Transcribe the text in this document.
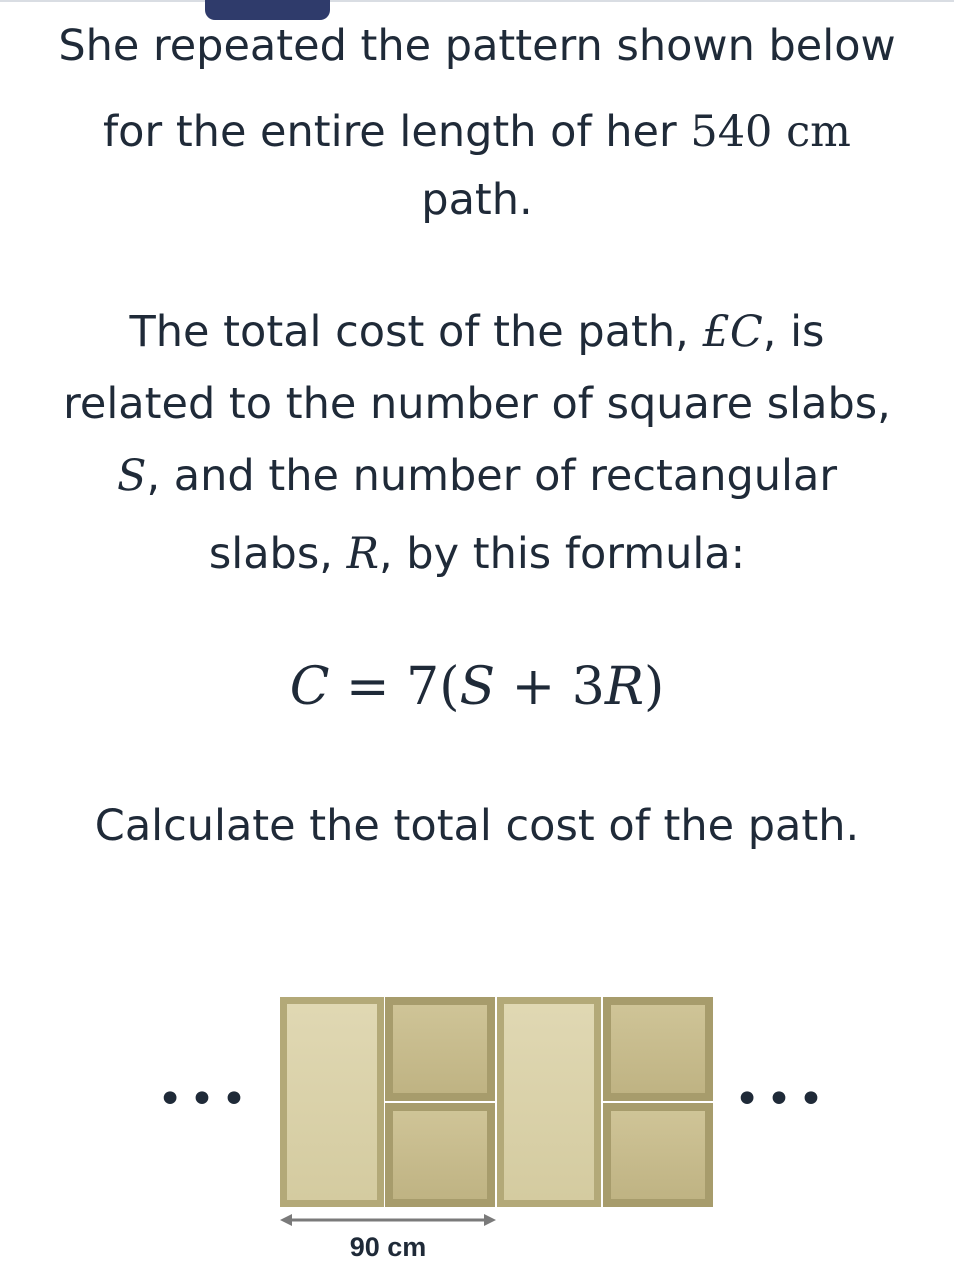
She repeated the pattern shown below
for the entire length of her 540 cm
path.
The total cost of the path, £C, is
related to the number of square slabs,
S, and the number of rectangular
slabs, R, by this formula:
C = 7(S + 3R)
Calculate the total cost of the path.
•••	•••
90 cm
